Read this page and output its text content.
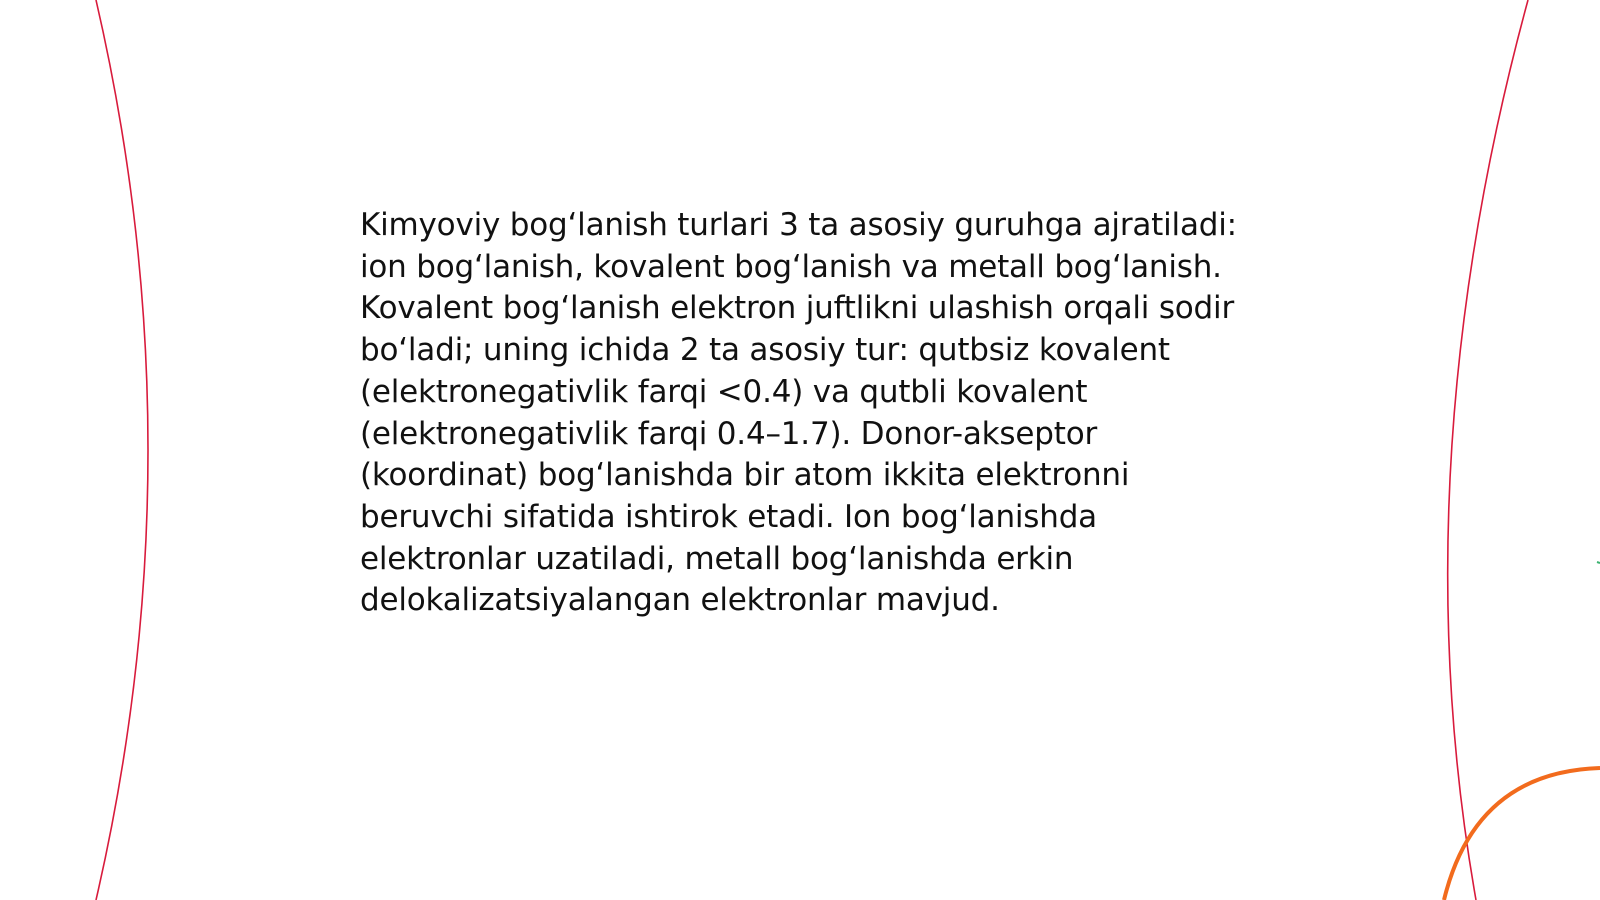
Kimyoviy bogʻlanish turlari 3 ta asosiy guruhga ajratiladi: ion bogʻlanish, kovalent bogʻlanish va metall bogʻlanish. Kovalent bogʻlanish elektron juftlikni ulashish orqali sodir boʻladi; uning ichida 2 ta asosiy tur: qutbsiz kovalent (elektronegativlik farqi <0.4) va qutbli kovalent (elektronegativlik farqi 0.4–1.7). Donor-akseptor (koordinat) bogʻlanishda bir atom ikkita elektronni beruvchi sifatida ishtirok etadi. Ion bogʻlanishda elektronlar uzatiladi, metall bogʻlanishda erkin delokalizatsiyalangan elektronlar mavjud.
